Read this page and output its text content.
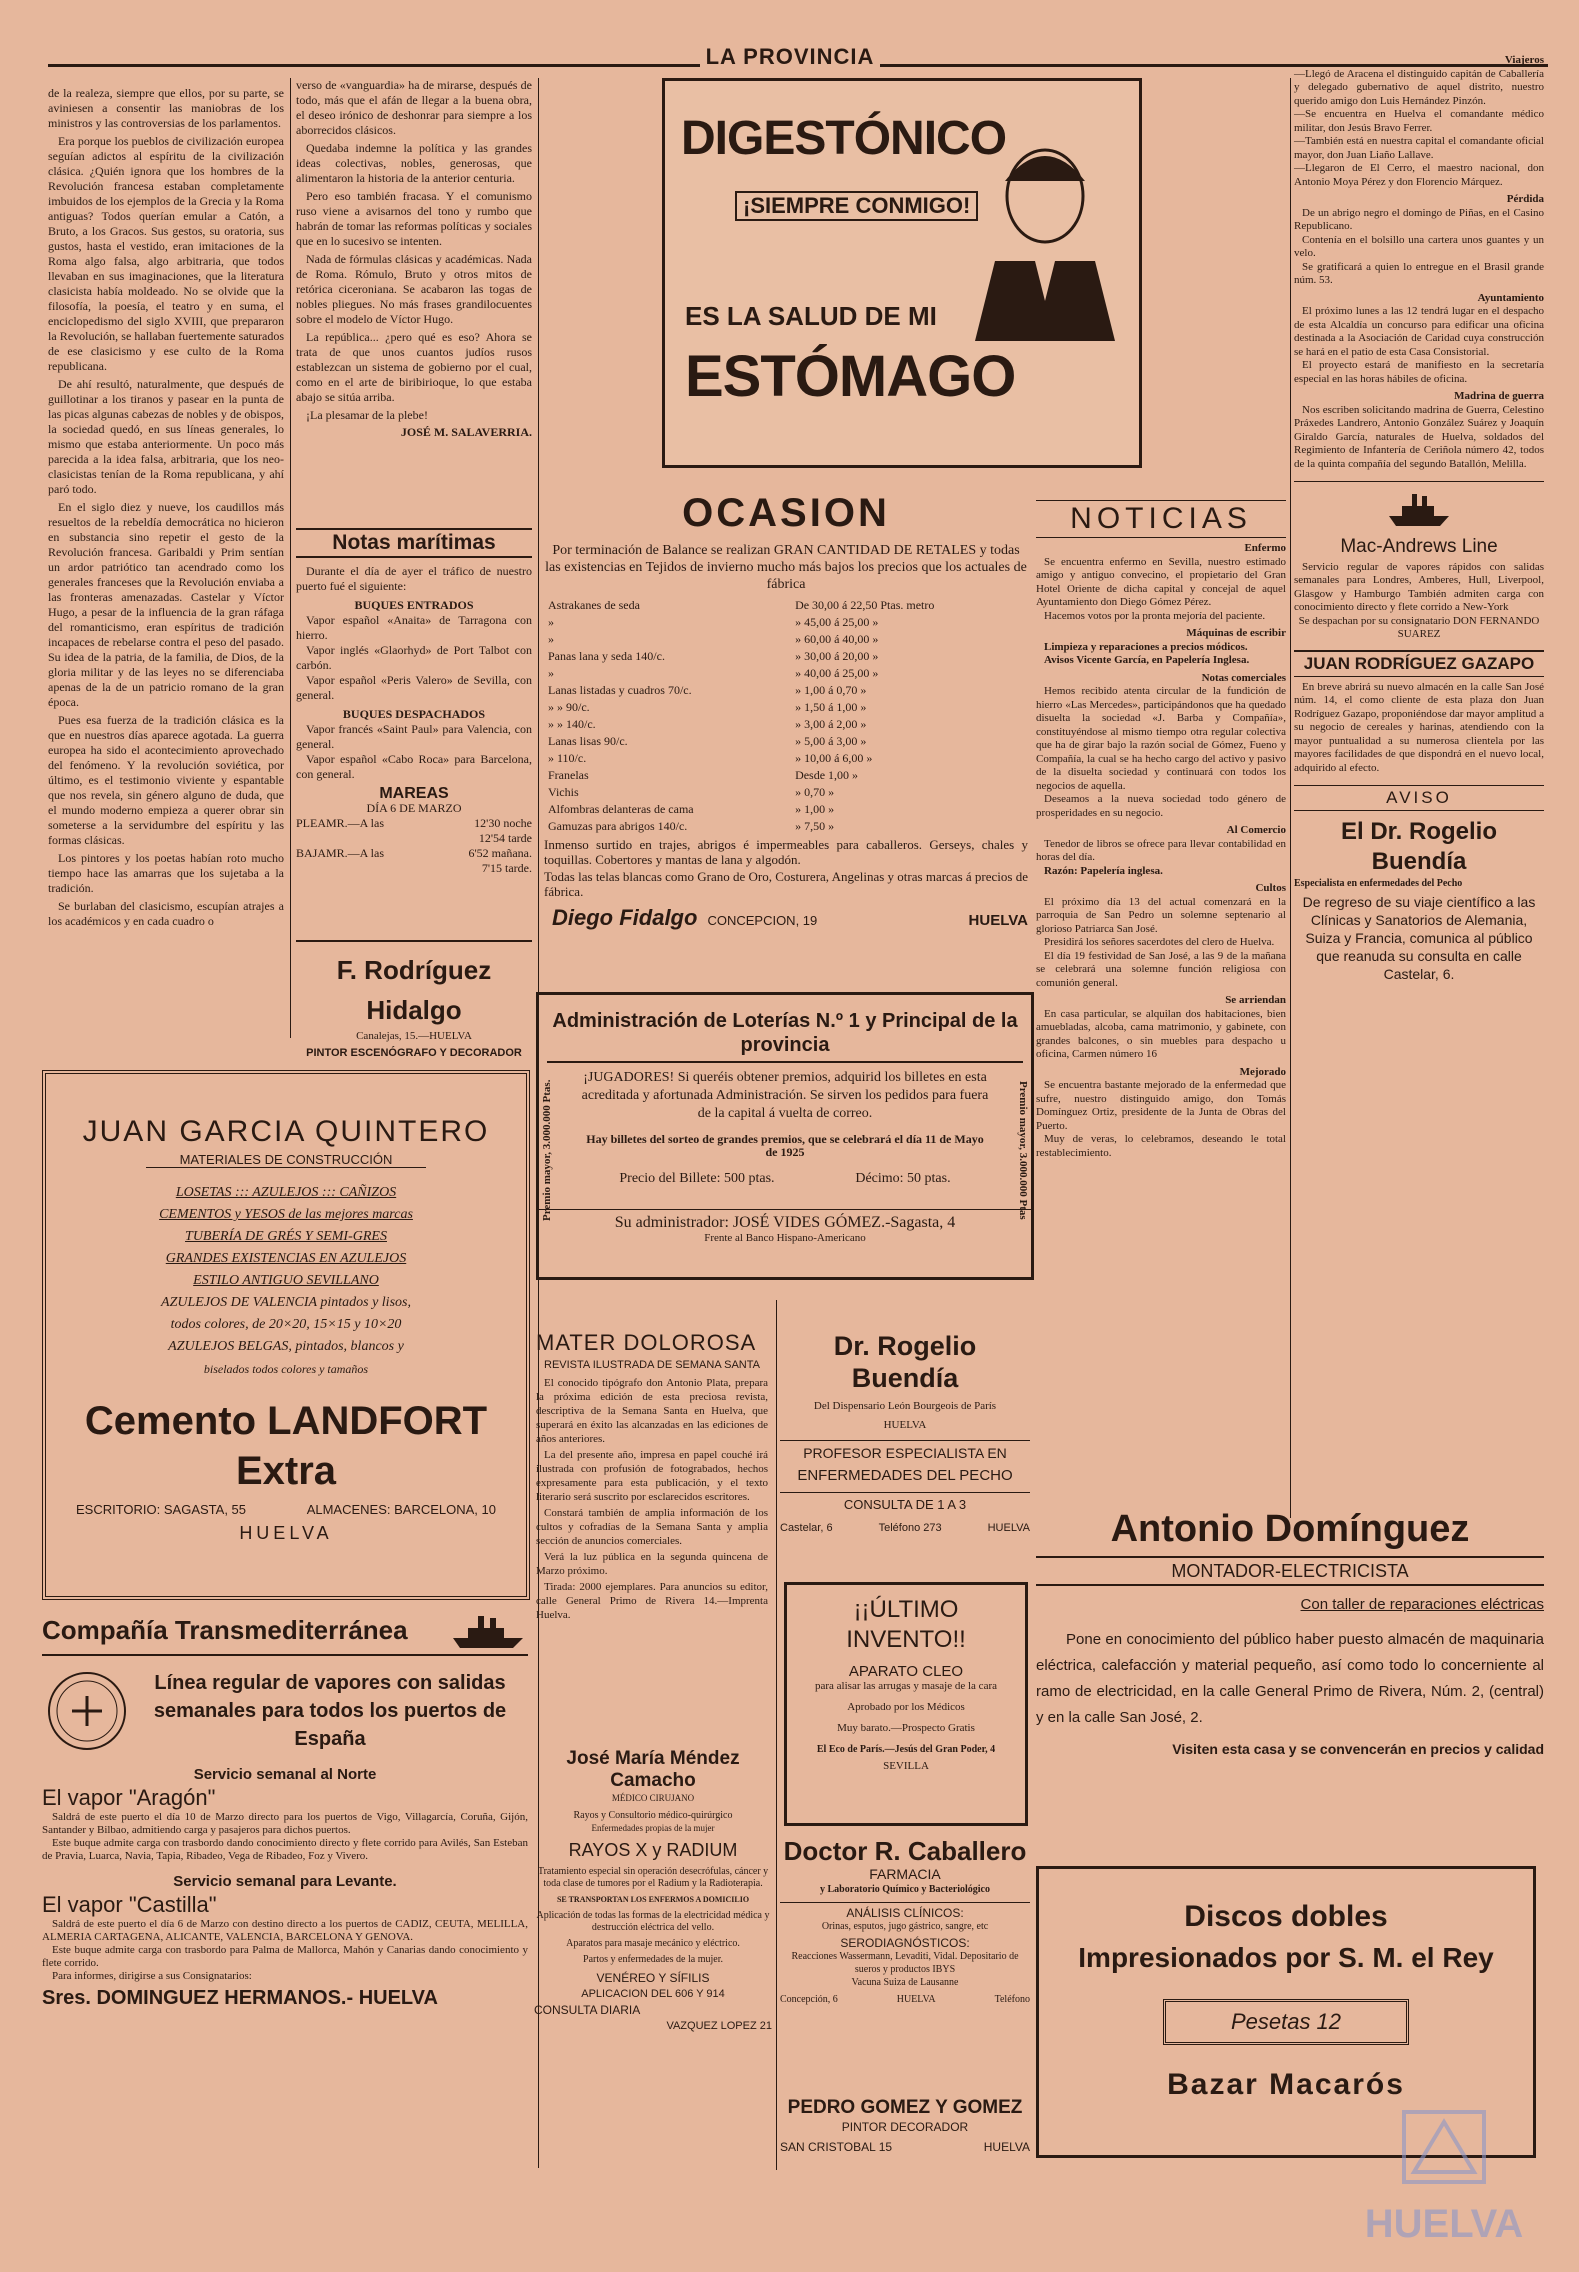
LA PROVINCIA

de la realeza, siempre que ellos, por su parte, se aviniesen a consentir las maniobras de los ministros y las controversias de los parlamentos.

Era porque los pueblos de civilización europea seguían adictos al espíritu de la civilización clásica. ¿Quién ignora que los hombres de la Revolución francesa estaban completamente imbuidos de los ejemplos de la Grecia y la Roma antiguas? Todos querían emular a Catón, a Bruto, a los Gracos. Sus gestos, su oratoria, sus gustos, hasta el vestido, eran imitaciones de la Roma algo falsa, algo arbitraria, que todos llevaban en sus imaginaciones, que la literatura clasicista había moldeado. No se olvide que la filosofía, la poesía, el teatro y en suma, el enciclopedismo del siglo XVIII, que prepararon la Revolución, se hallaban fuertemente saturados de ese clasicismo y ese culto de la Roma republicana.

De ahí resultó, naturalmente, que después de guillotinar a los tiranos y pasear en la punta de las picas algunas cabezas de nobles y de obispos, la sociedad quedó, en sus líneas generales, lo mismo que estaba anteriormente. Un poco más parecida a la idea falsa, arbitraria, que los neo-clasicistas tenían de la Roma republicana, y ahí paró todo.

En el siglo diez y nueve, los caudillos más resueltos de la rebeldía democrática no hicieron en substancia sino repetir el gesto de la Revolución francesa. Garibaldi y Prim sentían un ardor patriótico tan acendrado como los generales franceses que la Revolución enviaba a las fronteras amenazadas. Castelar y Víctor Hugo, a pesar de la influencia de la gran ráfaga del romanticismo, eran espíritus de tradición incapaces de rebelarse contra el peso del pasado. Su idea de la patria, de la familia, de Dios, de la gloria militar y de las leyes no se diferenciaba apenas de la de un patricio romano de la gran época.

Pues esa fuerza de la tradición clásica es la que en nuestros días aparece agotada. La guerra europea ha sido el acontecimiento aprovechado del fenómeno. Y la revolución soviética, por último, es el testimonio viviente y espantable que nos revela, sin género alguno de duda, que el mundo moderno empieza a querer obrar sin someterse a la servidumbre del espíritu y las formas clásicas.

Los pintores y los poetas habían roto mucho tiempo hace las amarras que los sujetaba a la tradición.

Se burlaban del clasicismo, escupían atrajes a los académicos y en cada cuadro o

verso de «vanguardia» ha de mirarse, después de todo, más que el afán de llegar a la buena obra, el deseo irónico de deshonrar para siempre a los aborrecidos clásicos.

Quedaba indemne la política y las grandes ideas colectivas, nobles, generosas, que alimentaron la historia de la anterior centuria.

Pero eso también fracasa. Y el comunismo ruso viene a avisarnos del tono y rumbo que habrán de tomar las reformas políticas y sociales que en lo sucesivo se intenten.

Nada de fórmulas clásicas y académicas. Nada de Roma. Rómulo, Bruto y otros mitos de retórica ciceroniana. Se acabaron las togas de nobles pliegues. No más frases grandilocuentes sobre el modelo de Víctor Hugo.

La república... ¿pero qué es eso? Ahora se trata de que unos cuantos judíos rusos establezcan un sistema de gobierno por el cual, como en el arte de biribirioque, lo que estaba abajo se sitúa arriba.

¡La plesamar de la plebe!

JOSÉ M. SALAVERRIA.

Notas marítimas

Durante el día de ayer el tráfico de nuestro puerto fué el siguiente:

BUQUES ENTRADOS

Vapor español «Anaita» de Tarragona con hierro.

Vapor inglés «Glaorhyd» de Port Talbot con carbón.

Vapor español «Peris Valero» de Sevilla, con general.

BUQUES DESPACHADOS

Vapor francés «Saint Paul» para Valencia, con general.

Vapor español «Cabo Roca» para Barcelona, con general.

MAREAS
DÍA 6 DE MARZO
PLEAMR.—A las	12'30 noche
12'54 tarde
BAJAMR.—A las	6'52 mañana.
7'15 tarde.
F. Rodríguez Hidalgo
Canalejas, 15.—HUELVA
PINTOR ESCENÓGRAFO Y DECORADOR
DIGESTÓNICO
¡SIEMPRE CONMIGO!
ES LA SALUD DE MI
ESTÓMAGO
OCASION
Por terminación de Balance se realizan GRAN CANTIDAD DE RETALES y todas las existencias en Tejidos de invierno mucho más bajos los precios que los actuales de fábrica
Astrakanes de seda	De 30,00 á 22,50 Ptas. metro
»	» 45,00 á 25,00 »
»	» 60,00 á 40,00 »
Panas lana y seda 140/c.	» 30,00 á 20,00 »
»	» 40,00 á 25,00 »
Lanas listadas y cuadros 70/c.	» 1,00 á 0,70 »
» » 90/c.	» 1,50 á 1,00 »
» » 140/c.	» 3,00 á 2,00 »
Lanas lisas 90/c.	» 5,00 á 3,00 »
» 110/c.	» 10,00 á 6,00 »
Franelas	Desde 1,00 »
Vichis	» 0,70 »
Alfombras delanteras de cama	» 1,00 »
Gamuzas para abrigos 140/c.	» 7,50 »
Inmenso surtido en trajes, abrigos é impermeables para caballeros. Gerseys, chales y toquillas. Cobertores y mantas de lana y algodón.
Todas las telas blancas como Grano de Oro, Costurera, Angelinas y otras marcas á precios de fábrica.
Diego Fidalgo CONCEPCION, 19	HUELVA
Administración de Loterías N.º 1 y Principal de la provincia
Premio mayor, 3.000.000 Ptas.	Premio mayor, 3.000.000 Ptas
¡JUGADORES! Si queréis obtener premios, adquirid los billetes en esta acreditada y afortunada Administración. Se sirven los pedidos para fuera de la capital á vuelta de correo.
Hay billetes del sorteo de grandes premios, que se celebrará el día 11 de Mayo de 1925
Precio del Billete: 500 ptas.	Décimo: 50 ptas.
Su administrador: JOSÉ VIDES GÓMEZ.-Sagasta, 4
Frente al Banco Hispano-Americano
MATER DOLOROSA
REVISTA ILUSTRADA DE SEMANA SANTA

El conocido tipógrafo don Antonio Plata, prepara la próxima edición de esta preciosa revista, descriptiva de la Semana Santa en Huelva, que superará en éxito las alcanzadas en las ediciones de años anteriores.

La del presente año, impresa en papel couché irá ilustrada con profusión de fotograbados, hechos expresamente para esta publicación, y el texto literario será suscrito por esclarecidos escritores.

Constará también de amplia información de los cultos y cofradías de la Semana Santa y amplia sección de anuncios comerciales.

Verá la luz pública en la segunda quincena de Marzo próximo.

Tirada: 2000 ejemplares. Para anuncios su editor, calle General Primo de Rivera 14.—Imprenta Huelva.

Dr. Rogelio Buendía
Del Dispensario León Bourgeois de París
HUELVA
PROFESOR ESPECIALISTA EN
ENFERMEDADES DEL PECHO
CONSULTA DE 1 A 3
Castelar, 6	Teléfono 273	HUELVA
¡¡ÚLTIMO INVENTO!!
APARATO CLEO
para alisar las arrugas y masaje de la cara
Aprobado por los Médicos
Muy barato.—Prospecto Gratis
El Eco de París.—Jesús del Gran Poder, 4
SEVILLA
José María Méndez Camacho
MÉDICO CIRUJANO
Rayos y Consultorio médico-quirúrgico
Enfermedades propias de la mujer
RAYOS X y RADIUM
Tratamiento especial sin operación desecrófulas, cáncer y toda clase de tumores por el Radium y la Radioterapia.
SE TRANSPORTAN LOS ENFERMOS A DOMICILIO
Aplicación de todas las formas de la electricidad médica y destrucción eléctrica del vello.
Aparatos para masaje mecánico y eléctrico.
Partos y enfermedades de la mujer.
VENÉREO Y SÍFILIS
APLICACION DEL 606 Y 914
CONSULTA DIARIA
VAZQUEZ LOPEZ 21
Doctor R. Caballero
FARMACIA
y Laboratorio Químico y Bacteriológico
ANÁLISIS CLÍNICOS:
Orinas, esputos, jugo gástrico, sangre, etc
SERODIAGNÓSTICOS:
Reacciones Wassermann, Levaditi, Vidal. Depositario de sueros y productos IBYS
Vacuna Suiza de Lausanne
Concepción, 6	HUELVA	Teléfono
PEDRO GOMEZ Y GOMEZ
PINTOR DECORADOR
SAN CRISTOBAL 15	HUELVA
JUAN GARCIA QUINTERO
MATERIALES DE CONSTRUCCIÓN
LOSETAS ::: AZULEJOS ::: CAÑIZOS
CEMENTOS y YESOS de las mejores marcas
TUBERÍA DE GRÉS Y SEMI-GRES
GRANDES EXISTENCIAS EN AZULEJOS
ESTILO ANTIGUO SEVILLANO
AZULEJOS DE VALENCIA pintados y lisos,
todos colores, de 20×20, 15×15 y 10×20
AZULEJOS BELGAS, pintados, blancos y
biselados todos colores y tamaños
Cemento LANDFORT Extra
ESCRITORIO: SAGASTA, 55	ALMACENES: BARCELONA, 10
HUELVA
Compañía Transmediterránea
Línea regular de vapores con salidas semanales para todos los puertos de España
Servicio semanal al Norte
El vapor "Aragón"
Saldrá de este puerto el día 10 de Marzo directo para los puertos de Vigo, Villagarcía, Coruña, Gijón, Santander y Bilbao, admitiendo carga y pasajeros para dichos puertos.
Este buque admite carga con trasbordo dando conocimiento directo y flete corrido para Avilés, San Esteban de Pravia, Luarca, Navia, Tapia, Ribadeo, Vega de Ribadeo, Foz y Vivero.
Servicio semanal para Levante.
El vapor "Castilla"
Saldrá de este puerto el día 6 de Marzo con destino directo a los puertos de CADIZ, CEUTA, MELILLA, ALMERIA CARTAGENA, ALICANTE, VALENCIA, BARCELONA Y GENOVA.
Este buque admite carga con trasbordo para Palma de Mallorca, Mahón y Canarias dando conocimiento y flete corrido.
Para informes, dirigirse a sus Consignatarios:
Sres. DOMINGUEZ HERMANOS.- HUELVA
NOTICIAS
Enfermo

Se encuentra enfermo en Sevilla, nuestro estimado amigo y antiguo convecino, el propietario del Gran Hotel Oriente de dicha capital y concejal de aquel Ayuntamiento don Diego Gómez Pérez.

Hacemos votos por la pronta mejoría del paciente.

Máquinas de escribir

Limpieza y reparaciones a precios módicos.

Avisos Vicente García, en Papelería Inglesa.

Notas comerciales

Hemos recibido atenta circular de la fundición de hierro «Las Mercedes», participándonos que ha quedado disuelta la sociedad «J. Barba y Compañía», constituyéndose al mismo tiempo otra regular colectiva que ha de girar bajo la razón social de Gómez, Fueno y Compañía, la cual se ha hecho cargo del activo y pasivo de la disuelta sociedad y continuará con todos los negocios de aquella.

Deseamos a la nueva sociedad todo género de prosperidades en su negocio.

Al Comercio

Tenedor de libros se ofrece para llevar contabilidad en horas del día.

Razón: Papelería inglesa.

Cultos

El próximo día 13 del actual comenzará en la parroquia de San Pedro un solemne septenario al glorioso Patriarca San José.

Presidirá los señores sacerdotes del clero de Huelva.

El día 19 festividad de San José, a las 9 de la mañana se celebrará una solemne función religiosa con comunión general.

Se arriendan

En casa particular, se alquilan dos habitaciones, bien amuebladas, alcoba, cama matrimonio, y gabinete, con grandes balcones, o sin muebles para despacho u oficina, Carmen número 16

Mejorado

Se encuentra bastante mejorado de la enfermedad que sufre, nuestro distinguido amigo, don Tomás Domínguez Ortiz, presidente de la Junta de Obras del Puerto.

Muy de veras, lo celebramos, deseando le total restablecimiento.

Viajeros

—Llegó de Aracena el distinguido capitán de Caballería y delegado gubernativo de aquel distrito, nuestro querido amigo don Luis Hernández Pinzón.

—Se encuentra en Huelva el comandante médico militar, don Jesús Bravo Ferrer.

—También está en nuestra capital el comandante oficial mayor, don Juan Liaño Lallave.

—Llegaron de El Cerro, el maestro nacional, don Antonio Moya Pérez y don Florencio Márquez.

Pérdida

De un abrigo negro el domingo de Piñas, en el Casino Republicano.

Contenía en el bolsillo una cartera unos guantes y un velo.

Se gratificará a quien lo entregue en el Brasil grande núm. 53.

Ayuntamiento

El próximo lunes a las 12 tendrá lugar en el despacho de esta Alcaldía un concurso para edificar una oficina destinada a la Asociación de Caridad cuya construcción se hará en el patio de esta Casa Consistorial.

El proyecto estará de manifiesto en la secretaría especial en las horas hábiles de oficina.

Madrina de guerra

Nos escriben solicitando madrina de Guerra, Celestino Práxedes Landrero, Antonio González Suárez y Joaquín Giraldo García, naturales de Huelva, soldados del Regimiento de Infantería de Ceriñola número 42, todos de la quinta compañía del segundo Batallón, Melilla.

Mac-Andrews Line

Servicio regular de vapores rápidos con salidas semanales para Londres, Amberes, Hull, Liverpool, Glasgow y Hamburgo También admiten carga con conocimiento directo y flete corrido a New-York

Se despachan por su consignatario DON FERNANDO SUAREZ

JUAN RODRÍGUEZ GAZAPO

En breve abrirá su nuevo almacén en la calle San José núm. 14, el como cliente de esta plaza don Juan Rodríguez Gazapo, proponiéndose dar mayor amplitud a su negocio de cereales y harinas, atendiendo con la mayor puntualidad a su numerosa clientela por las mayores facilidades de que dispondrá en el nuevo local, adquirido al efecto.

AVISO
El Dr. Rogelio Buendía
Especialista en enfermedades del Pecho
De regreso de su viaje científico a las Clínicas y Sanatorios de Alemania, Suiza y Francia, comunica al público que reanuda su consulta en calle Castelar, 6.
Antonio Domínguez
MONTADOR-ELECTRICISTA
Con taller de reparaciones eléctricas
Pone en conocimiento del público haber puesto almacén de maquinaria eléctrica, calefacción y material pequeño, así como todo lo concerniente al ramo de electricidad, en la calle General Primo de Rivera, Núm. 2, (central) y en la calle San José, 2.
Visiten esta casa y se convencerán en precios y calidad
Discos dobles
Impresionados por S. M. el Rey
Pesetas 12
Bazar Macarós
HUELVA
